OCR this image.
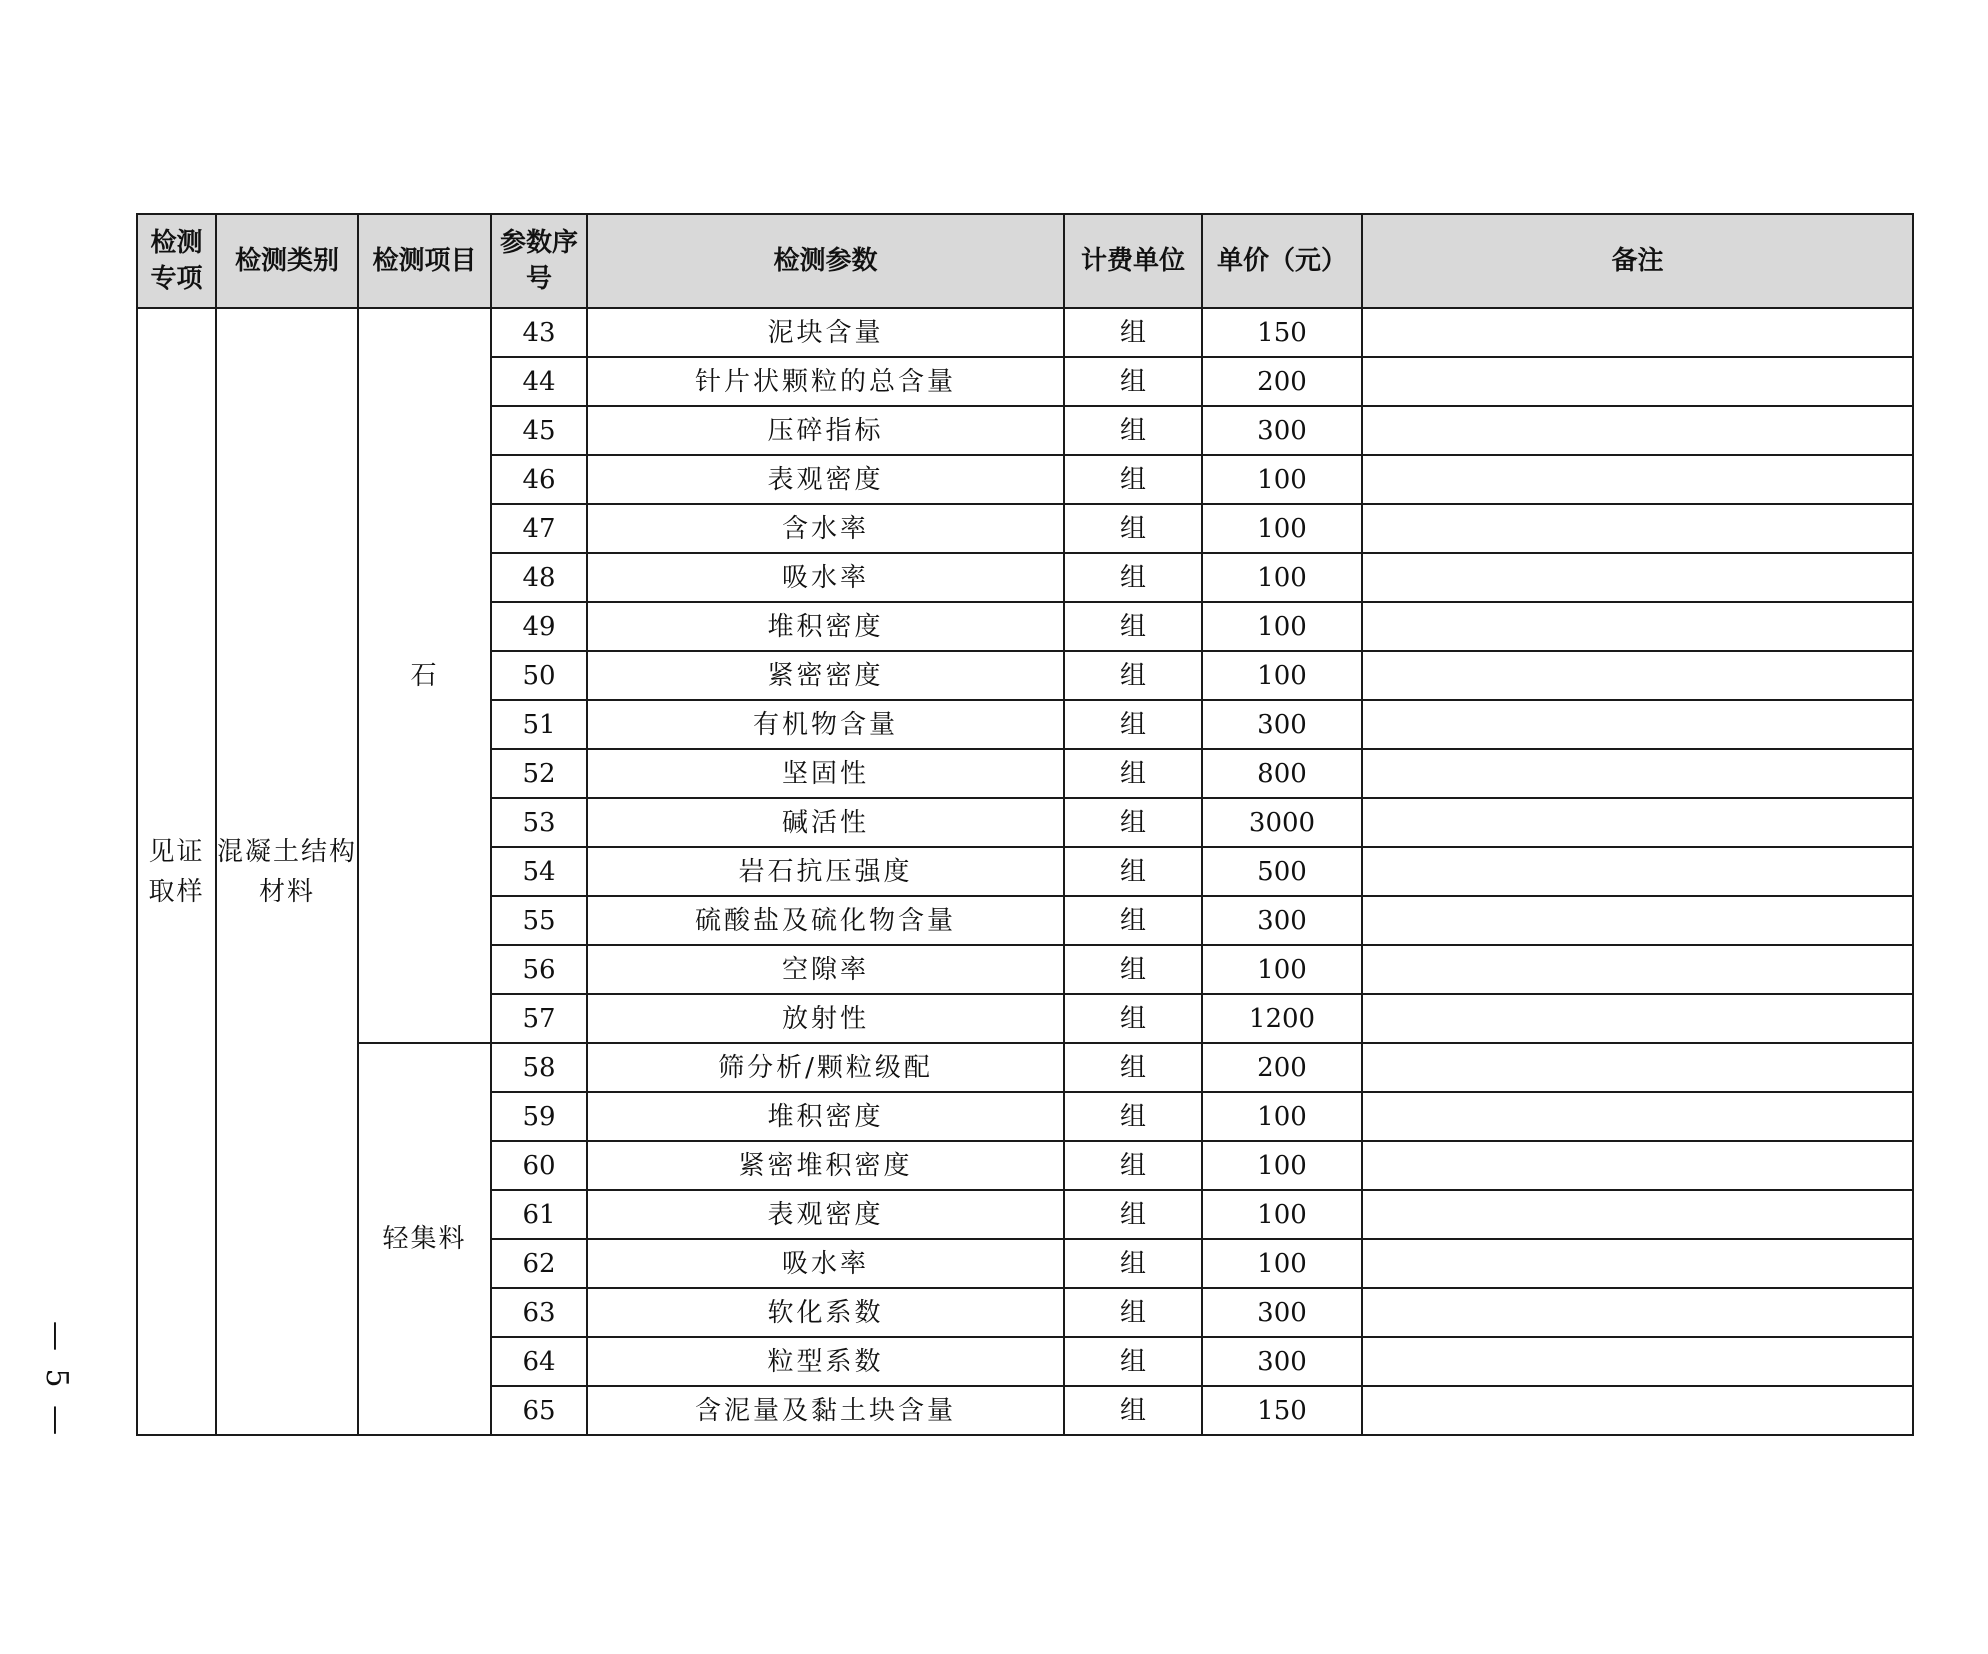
检测专项	检测类别	检测项目	参数序号	检测参数	计费单位	单价（元）	备注
见证取样	混凝土结构材料	石	43	泥块含量	组	150	
			44	针片状颗粒的总含量	组	200	
			45	压碎指标	组	300	
			46	表观密度	组	100	
			47	含水率	组	100	
			48	吸水率	组	100	
			49	堆积密度	组	100	
			50	紧密密度	组	100	
			51	有机物含量	组	300	
			52	坚固性	组	800	
			53	碱活性	组	3000	
			54	岩石抗压强度	组	500	
			55	硫酸盐及硫化物含量	组	300	
			56	空隙率	组	100	
			57	放射性	组	1200	
		轻集料	58	筛分析/颗粒级配	组	200	
			59	堆积密度	组	100	
			60	紧密堆积密度	组	100	
			61	表观密度	组	100	
			62	吸水率	组	100	
			63	软化系数	组	300	
			64	粒型系数	组	300	
			65	含泥量及黏土块含量	组	150	
— 5 —
